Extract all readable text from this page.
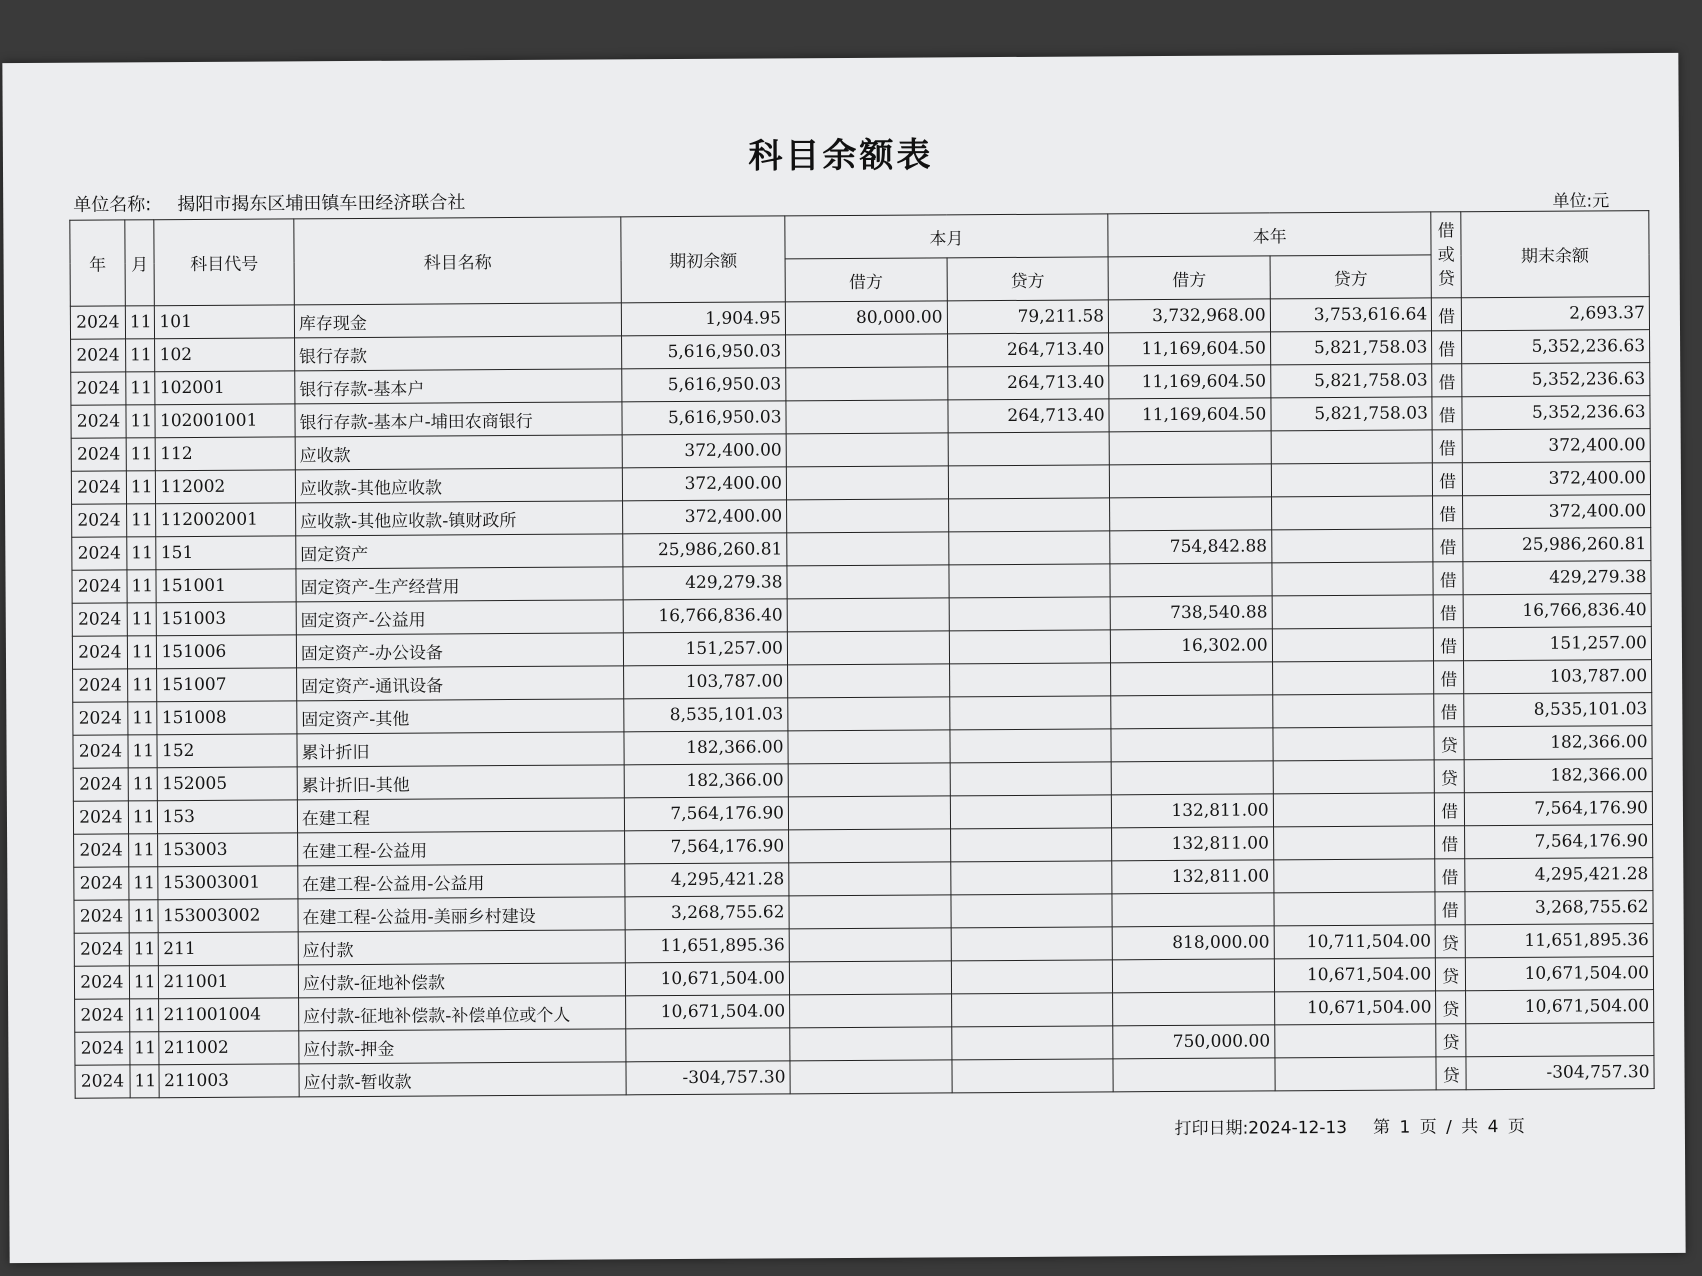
科目余额表
单位名称: 揭阳市揭东区埔田镇车田经济联合社	单位:元
年	月	科目代号	科目名称	期初余额	本月		本年		借或贷	期末余额
					借方	贷方	借方	贷方		
2024	11	101	库存现金	1,904.95	80,000.00	79,211.58	3,732,968.00	3,753,616.64	借	2,693.37
2024	11	102	银行存款	5,616,950.03		264,713.40	11,169,604.50	5,821,758.03	借	5,352,236.63
2024	11	102001	银行存款-基本户	5,616,950.03		264,713.40	11,169,604.50	5,821,758.03	借	5,352,236.63
2024	11	102001001	银行存款-基本户-埔田农商银行	5,616,950.03		264,713.40	11,169,604.50	5,821,758.03	借	5,352,236.63
2024	11	112	应收款	372,400.00					借	372,400.00
2024	11	112002	应收款-其他应收款	372,400.00					借	372,400.00
2024	11	112002001	应收款-其他应收款-镇财政所	372,400.00					借	372,400.00
2024	11	151	固定资产	25,986,260.81			754,842.88		借	25,986,260.81
2024	11	151001	固定资产-生产经营用	429,279.38					借	429,279.38
2024	11	151003	固定资产-公益用	16,766,836.40			738,540.88		借	16,766,836.40
2024	11	151006	固定资产-办公设备	151,257.00			16,302.00		借	151,257.00
2024	11	151007	固定资产-通讯设备	103,787.00					借	103,787.00
2024	11	151008	固定资产-其他	8,535,101.03					借	8,535,101.03
2024	11	152	累计折旧	182,366.00					贷	182,366.00
2024	11	152005	累计折旧-其他	182,366.00					贷	182,366.00
2024	11	153	在建工程	7,564,176.90			132,811.00		借	7,564,176.90
2024	11	153003	在建工程-公益用	7,564,176.90			132,811.00		借	7,564,176.90
2024	11	153003001	在建工程-公益用-公益用	4,295,421.28			132,811.00		借	4,295,421.28
2024	11	153003002	在建工程-公益用-美丽乡村建设	3,268,755.62					借	3,268,755.62
2024	11	211	应付款	11,651,895.36			818,000.00	10,711,504.00	贷	11,651,895.36
2024	11	211001	应付款-征地补偿款	10,671,504.00				10,671,504.00	贷	10,671,504.00
2024	11	211001004	应付款-征地补偿款-补偿单位或个人	10,671,504.00				10,671,504.00	贷	10,671,504.00
2024	11	211002	应付款-押金				750,000.00		贷	
2024	11	211003	应付款-暂收款	-304,757.30					贷	-304,757.30
打印日期:2024-12-13 第 1 页 / 共 4 页
